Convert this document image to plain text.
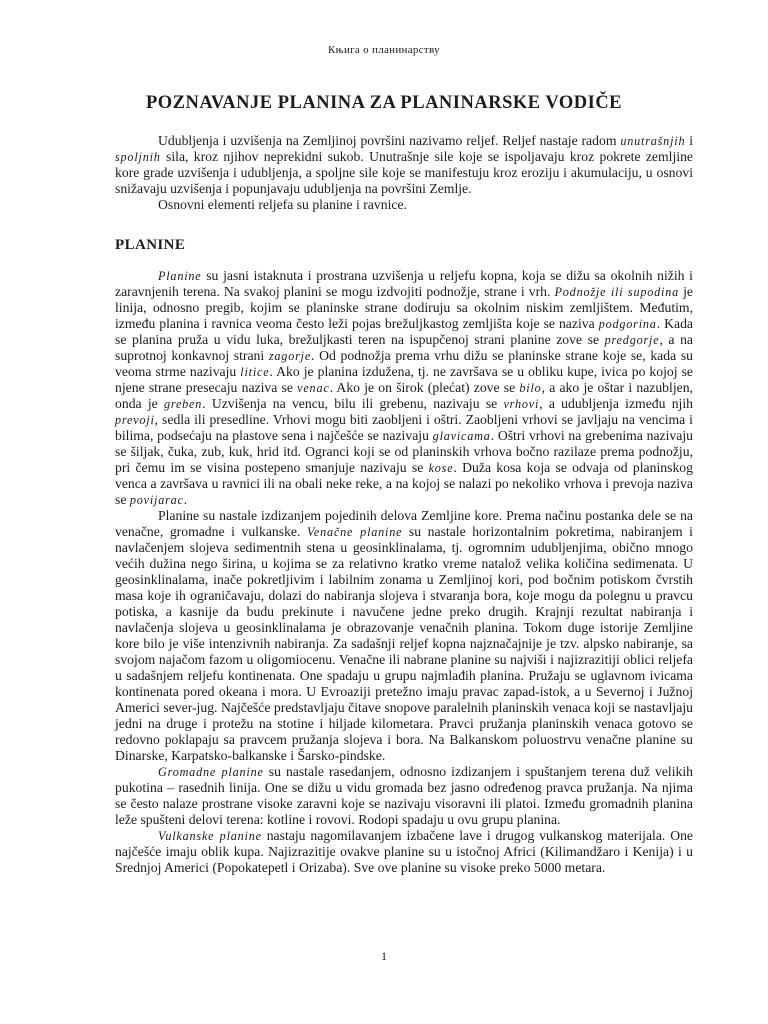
Књига о планинарству
POZNAVANJE PLANINA ZA PLANINARSKE VODIČE

Udubljenja i uzvišenja na Zemljinoj površini nazivamo reljef. Reljef nastaje radom unutrašnjih i spoljnih sila, kroz njihov neprekidni sukob. Unutrašnje sile koje se ispoljavaju kroz pokrete zemljine kore grade uzvišenja i udubljenja, a spoljne sile koje se manifestuju kroz eroziju i akumulaciju, u osnovi snižavaju uzvišenja i popunjavaju udubljenja na površini Zemlje.

Osnovni elementi reljefa su planine i ravnice.

PLANINE

Planine su jasni istaknuta i prostrana uzvišenja u reljefu kopna, koja se dižu sa okolnih nižih i zaravnjenih terena. Na svakoj planini se mogu izdvojiti podnožje, strane i vrh. Podnožje ili supodina je linija, odnosno pregib, kojim se planinske strane dodiruju sa okolnim niskim zemljištem. Međutim, između planina i ravnica veoma često leži pojas brežuljkastog zemljišta koje se naziva podgorina. Kada se planina pruža u vidu luka, brežuljkasti teren na ispupčenoj strani planine zove se predgorje, a na suprotnoj konkavnoj strani zagorje. Od podnožja prema vrhu dižu se planinske strane koje se, kada su veoma strme nazivaju litice. Ako je planina izdužena, tj. ne završava se u obliku kupe, ivica po kojoj se njene strane presecaju naziva se venac. Ako je on širok (plećat) zove se bilo, a ako je oštar i nazubljen, onda je greben. Uzvišenja na vencu, bilu ili grebenu, nazivaju se vrhovi, a udubljenja između njih prevoji, sedla ili presedline. Vrhovi mogu biti zaobljeni i oštri. Zaobljeni vrhovi se javljaju na vencima i bilima, podsećaju na plastove sena i najčešće se nazivaju glavicama. Oštri vrhovi na grebenima nazivaju se šiljak, čuka, zub, kuk, hrid itd. Ogranci koji se od planinskih vrhova bočno razilaze prema podnožju, pri čemu im se visina postepeno smanjuje nazivaju se kose. Duža kosa koja se odvaja od planinskog venca a završava u ravnici ili na obali neke reke, a na kojoj se nalazi po nekoliko vrhova i prevoja naziva se povijarac.

Planine su nastale izdizanjem pojedinih delova Zemljine kore. Prema načinu postanka dele se na venačne, gromadne i vulkanske. Venačne planine su nastale horizontalnim pokretima, nabiranjem i navlačenjem slojeva sedimentnih stena u geosinklinalama, tj. ogromnim udubljenjima, obično mnogo većih dužina nego širina, u kojima se za relativno kratko vreme natalož velika količina sedimenata. U geosinklinalama, inače pokretljivim i labilnim zonama u Zemljinoj kori, pod bočnim potiskom čvrstih masa koje ih ograničavaju, dolazi do nabiranja slojeva i stvaranja bora, koje mogu da polegnu u pravcu potiska, a kasnije da budu prekinute i navučene jedne preko drugih. Krajnji rezultat nabiranja i navlačenja slojeva u geosinklinalama je obrazovanje venačnih planina. Tokom duge istorije Zemljine kore bilo je više intenzivnih nabiranja. Za sadašnji reljef kopna najznačajnije je tzv. alpsko nabiranje, sa svojom najačom fazom u oligomiocenu. Venačne ili nabrane planine su najviši i najizrazitiji oblici reljefa u sadašnjem reljefu kontinenata. One spadaju u grupu najmlađih planina. Pružaju se uglavnom ivicama kontinenata pored okeana i mora. U Evroaziji pretežno imaju pravac zapad-istok, a u Severnoj i Južnoj Americi sever-jug. Najčešće predstavljaju čitave snopove paralelnih planinskih venaca koji se nastavljaju jedni na druge i protežu na stotine i hiljade kilometara. Pravci pružanja planinskih venaca gotovo se redovno poklapaju sa pravcem pružanja slojeva i bora. Na Balkanskom poluostrvu venačne planine su Dinarske, Karpatsko-balkanske i Šarsko-pindske.

Gromadne planine su nastale rasedanjem, odnosno izdizanjem i spuštanjem terena duž velikih pukotina – rasednih linija. One se dižu u vidu gromada bez jasno određenog pravca pružanja. Na njima se često nalaze prostrane visoke zaravni koje se nazivaju visoravni ili platoi. Između gromadnih planina leže spušteni delovi terena: kotline i rovovi. Rodopi spadaju u ovu grupu planina.

Vulkanske planine nastaju nagomilavanjem izbačene lave i drugog vulkanskog materijala. One najčešće imaju oblik kupa. Najizrazitije ovakve planine su u istočnoj Africi (Kilimandžaro i Kenija) i u Srednjoj Americi (Popokatepetl i Orizaba). Sve ove planine su visoke preko 5000 metara.

1
